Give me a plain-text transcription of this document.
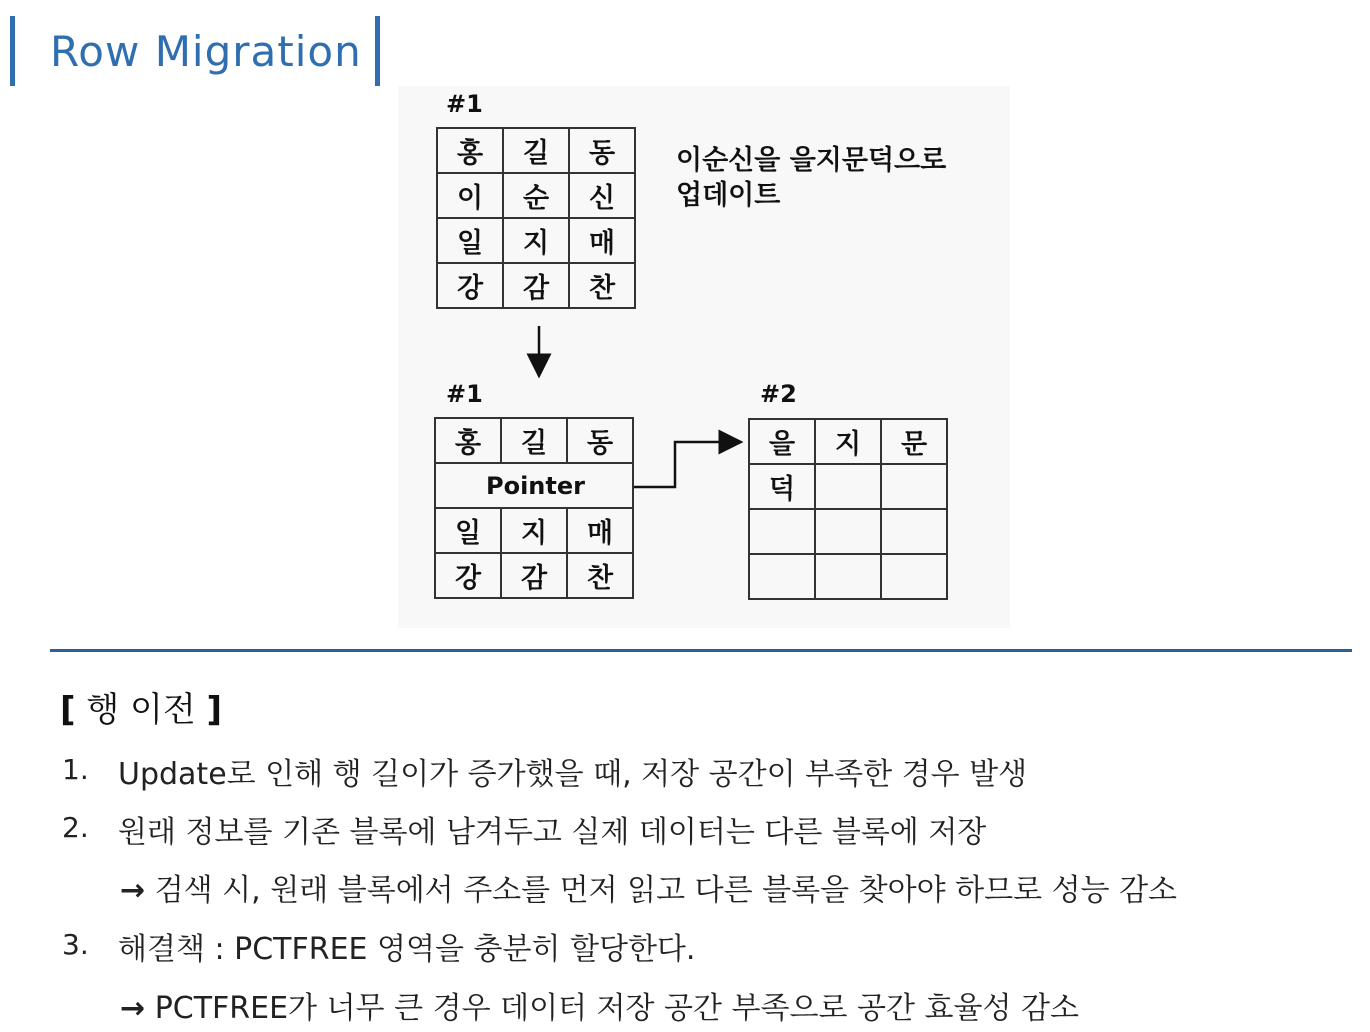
Row Migration
#1
홍	길	동
이	순	신
일	지	매
강	감	찬
이순신을 을지문덕으로
업데이트
#1
홍	길	동
Pointer		
일	지	매
강	감	찬
#2
을	지	문
덕		

[ 행 이전 ]
1. Update로 인해 행 길이가 증가했을 때, 저장 공간이 부족한 경우 발생
2. 원래 정보를 기존 블록에 남겨두고 실제 데이터는 다른 블록에 저장
→ 검색 시, 원래 블록에서 주소를 먼저 읽고 다른 블록을 찾아야 하므로 성능 감소
3. 해결책 : PCTFREE 영역을 충분히 할당한다.
→ PCTFREE가 너무 큰 경우 데이터 저장 공간 부족으로 공간 효율성 감소
